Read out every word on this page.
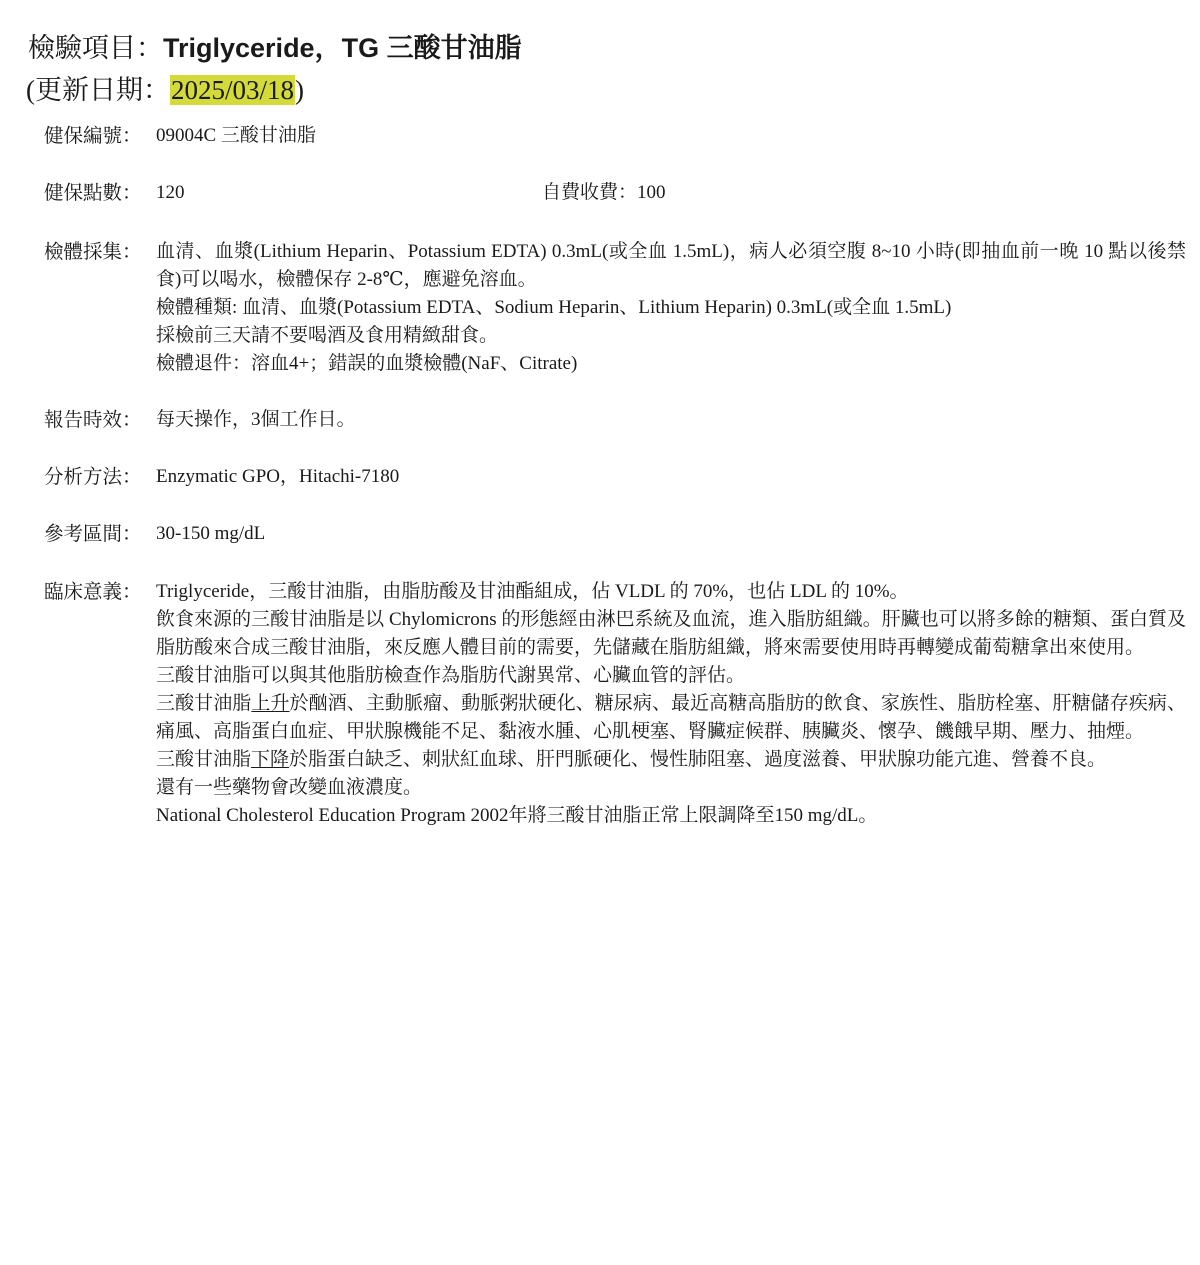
檢驗項目：Triglyceride，TG 三酸甘油脂
(更新日期：2025/03/18)
健保編號： 09004C 三酸甘油脂
健保點數： 120	自費收費：100
檢體採集： 血清、血漿(Lithium Heparin、Potassium EDTA) 0.3mL(或全血 1.5mL)，病人必須空腹 8~10 小時(即抽血前一晚 10 點以後禁食)可以喝水，檢體保存 2-8℃，應避免溶血。

檢體種類: 血清、血漿(Potassium EDTA、Sodium Heparin、Lithium Heparin) 0.3mL(或全血 1.5mL)

採檢前三天請不要喝酒及食用精緻甜食。

檢體退件：溶血4+；錯誤的血漿檢體(NaF、Citrate)

報告時效： 每天操作，3個工作日。
分析方法： Enzymatic GPO，Hitachi-7180
參考區間： 30-150 mg/dL
臨床意義： Triglyceride，三酸甘油脂，由脂肪酸及甘油酯組成，佔 VLDL 的 70%，也佔 LDL 的 10%。

飲食來源的三酸甘油脂是以 Chylomicrons 的形態經由淋巴系統及血流，進入脂肪組織。肝臟也可以將多餘的糖類、蛋白質及脂肪酸來合成三酸甘油脂，來反應人體目前的需要，先儲藏在脂肪組織，將來需要使用時再轉變成葡萄糖拿出來使用。

三酸甘油脂可以與其他脂肪檢查作為脂肪代謝異常、心臟血管的評估。

三酸甘油脂上升於酗酒、主動脈瘤、動脈粥狀硬化、糖尿病、最近高糖高脂肪的飲食、家族性、脂肪栓塞、肝糖儲存疾病、痛風、高脂蛋白血症、甲狀腺機能不足、黏液水腫、心肌梗塞、腎臟症候群、胰臟炎、懷孕、饑餓早期、壓力、抽煙。

三酸甘油脂下降於脂蛋白缺乏、刺狀紅血球、肝門脈硬化、慢性肺阻塞、過度滋養、甲狀腺功能亢進、營養不良。

還有一些藥物會改變血液濃度。

National Cholesterol Education Program 2002年將三酸甘油脂正常上限調降至150 mg/dL。
